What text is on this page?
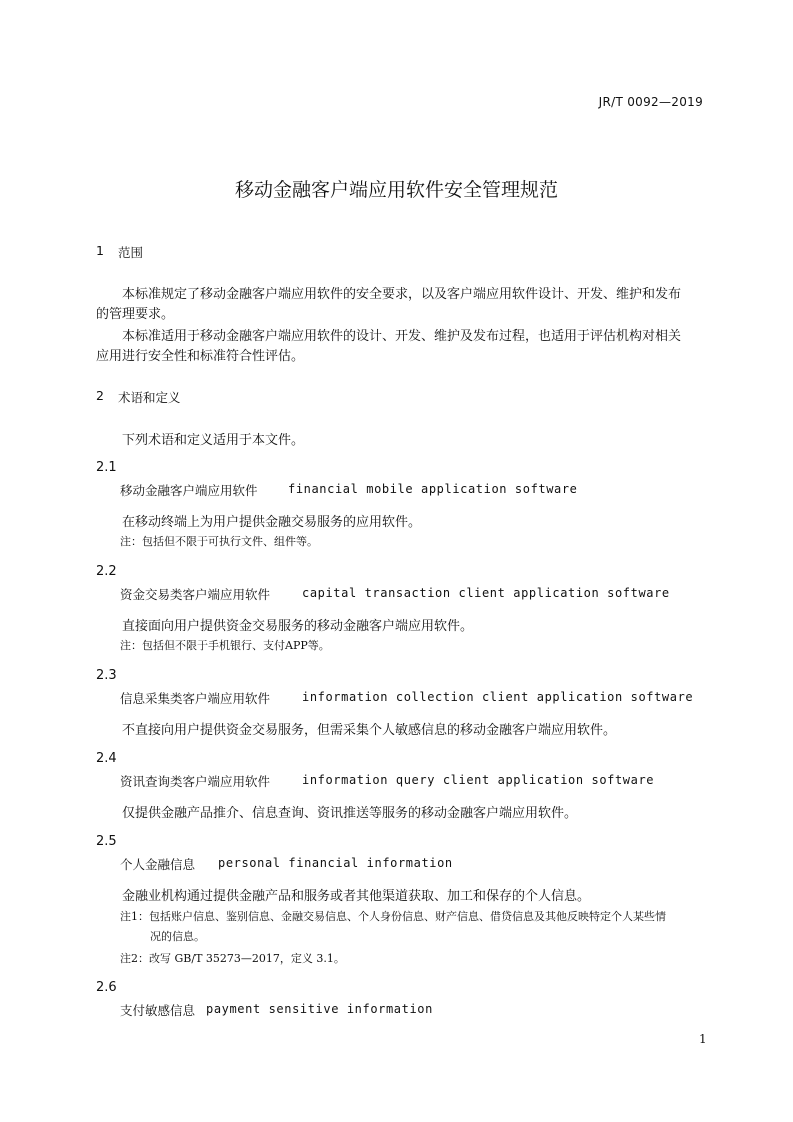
JR/T 0092—2019
移动金融客户端应用软件安全管理规范
1 范围
本标准规定了移动金融客户端应用软件的安全要求，以及客户端应用软件设计、开发、维护和发布
的管理要求。
本标准适用于移动金融客户端应用软件的设计、开发、维护及发布过程，也适用于评估机构对相关
应用进行安全性和标准符合性评估。
2 术语和定义
下列术语和定义适用于本文件。
2.1
移动金融客户端应用软件	financial mobile application software
在移动终端上为用户提供金融交易服务的应用软件。
注：包括但不限于可执行文件、组件等。
2.2
资金交易类客户端应用软件	capital transaction client application software
直接面向用户提供资金交易服务的移动金融客户端应用软件。
注：包括但不限于手机银行、支付APP等。
2.3
信息采集类客户端应用软件	information collection client application software
不直接向用户提供资金交易服务，但需采集个人敏感信息的移动金融客户端应用软件。
2.4
资讯查询类客户端应用软件	information query client application software
仅提供金融产品推介、信息查询、资讯推送等服务的移动金融客户端应用软件。
2.5
个人金融信息 personal financial information
金融业机构通过提供金融产品和服务或者其他渠道获取、加工和保存的个人信息。
注1：包括账户信息、鉴别信息、金融交易信息、个人身份信息、财产信息、借贷信息及其他反映特定个人某些情
况的信息。
注2：改写 GB/T 35273—2017，定义 3.1。
2.6
支付敏感信息 payment sensitive information
1
